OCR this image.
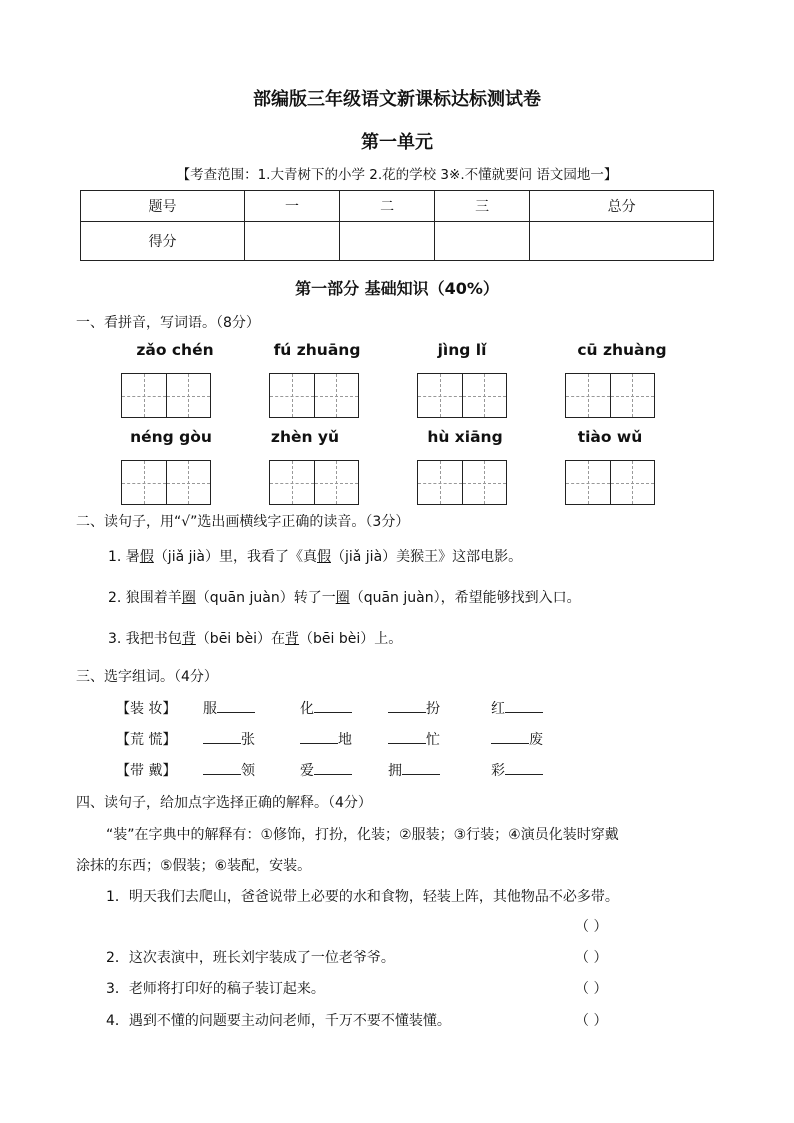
部编版三年级语文新课标达标测试卷
第一单元
【考查范围：1.大青树下的小学 2.花的学校 3※.不懂就要问 语文园地一】
题号	一	二	三	总分
得分				
第一部分 基础知识（40%）
一、看拼音，写词语。（8分）
zǎo chén	fú zhuāng	jìng lǐ	cū zhuàng
néng gòu	zhèn yǔ	hù xiāng	tiào wǔ
二、读句子，用“√”选出画横线字正确的读音。（3分）
1. 暑假（jiǎ jià）里，我看了《真假（jiǎ jià）美猴王》这部电影。
2. 狼围着羊圈（quān juàn）转了一圈（quān juàn），希望能够找到入口。
3. 我把书包背（bēi bèi）在背（bēi bèi）上。
三、选字组词。（4分）
【装 妆】 服	化	扮	红
【荒 慌】	张	地	忙	废
【带 戴】	领	爱	拥	彩
四、读句子，给加点字选择正确的解释。（4分）
“装”在字典中的解释有：①修饰，打扮，化装；②服装；③行装；④演员化装时穿戴
涂抹的东西；⑤假装；⑥装配，安装。
1．明天我们去爬山，爸爸说带上必要的水和食物，轻装上阵，其他物品不必多带。
（ ）
2．这次表演中，班长刘宇装成了一位老爷爷。	（ ）
3．老师将打印好的稿子装订起来。	（ ）
4．遇到不懂的问题要主动问老师，千万不要不懂装懂。	（ ）
